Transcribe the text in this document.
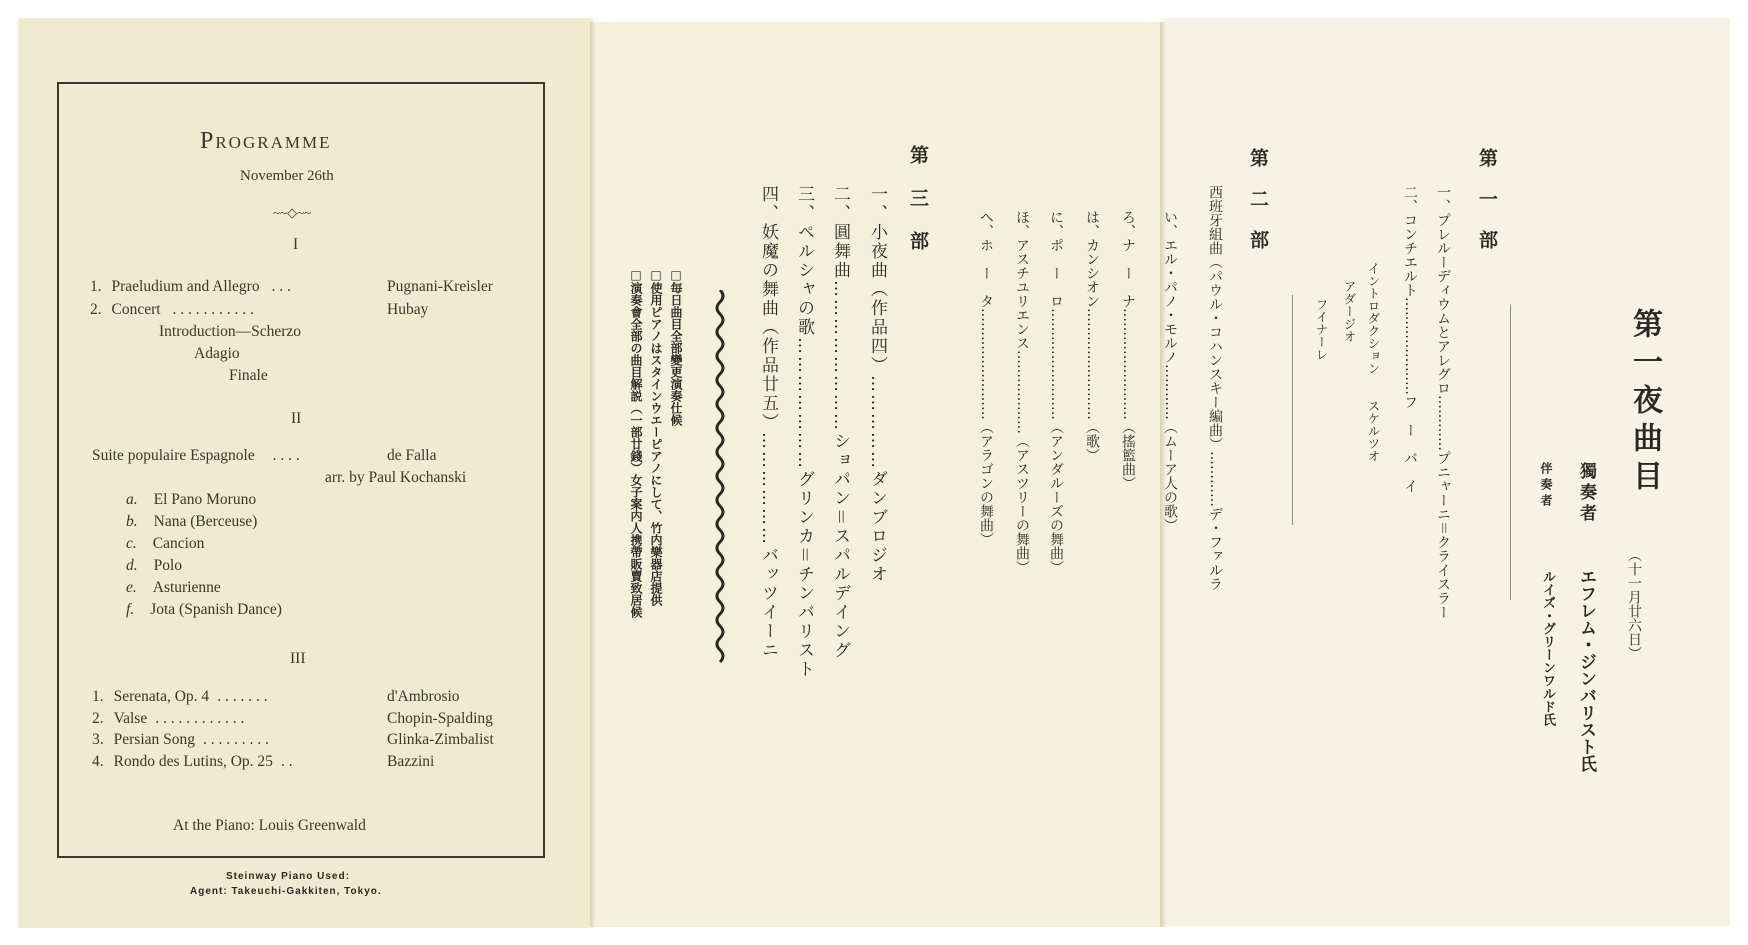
Programme
November 26th
~~◇~~
I
1. Praeludium and Allegro . . .	Pugnani-Kreisler
2. Concert . . . . . . . . . . .	Hubay
Introduction—Scherzo
Adagio
Finale
II
Suite populaire Espagnole . . . .	de Falla
arr. by Paul Kochanski
a. El Pano Moruno
b. Nana (Berceuse)
c. Cancion
d. Polo
e. Asturienne
f. Jota (Spanish Dance)
III
1. Serenata, Op. 4 . . . . . . .	d'Ambrosio
2. Valse . . . . . . . . . . . .	Chopin-Spalding
3. Persian Song . . . . . . . . .	Glinka-Zimbalist
4. Rondo des Lutins, Op. 25 . .	Bazzini
At the Piano: Louis Greenwald
Steinway Piano Used:
Agent: Takeuchi-Gakkiten, Tokyo.
第三部
一、小夜曲（作品四）……………ダンブロジオ
二、圓舞曲……………………ショパン＝スパルデイング
三、ペルシャの歌…………………グリンカ＝チンバリスト
四、妖魔の舞曲（作品廿五）………………バッツイーニ
□毎日曲目全部變更演奏仕候
□使用ピアノはスタインウエーピアノにして、竹内樂器店提供
□演奏會全部の曲目解説（一部廿錢）女子案内人携帶販賣致居候	第一夜曲目
（十一月廿六日）
獨奏者
エフレム・ジンバリスト氏
伴奏者
ルイズ・グリーンワルド氏
第一部
一、プレルーディウムとアレグロ…………プニャーニ＝クライスラー
二、コンチエルト…………………フ　ー　バ　イ
イントロダクション　　スケルツオ
アダージオ
フイナーレ
第二部
西班牙組曲（パウル・コハンスキー編曲）…………デ・ファルラ
い、エル・パノ・モルノ…………（ムーア人の歌）
ろ、ナ　ー　ナ……………………（搖籃曲）
は、カンシオン……………………（歌）
に、ポ　ー　ロ……………………（アンダルーズの舞曲）
ほ、アスチユリエンス………………（アスツリーの舞曲）
へ、ホ　ー　タ……………………（アラゴンの舞曲）
